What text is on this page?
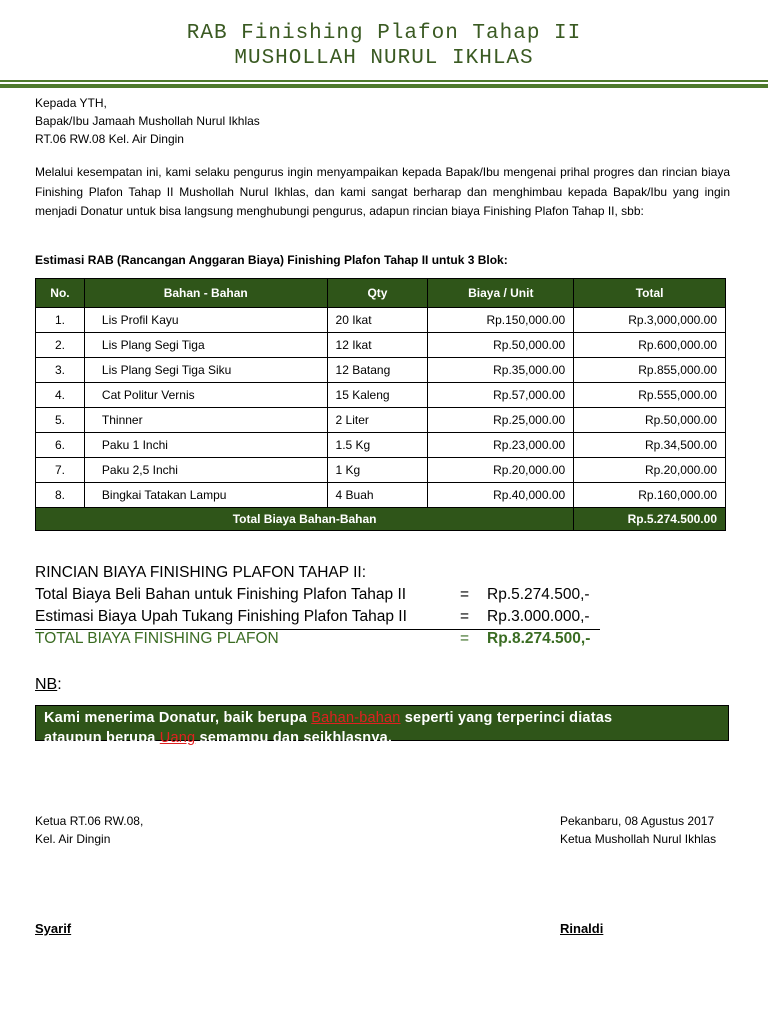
RAB Finishing Plafon Tahap II
MUSHOLLAH NURUL IKHLAS
Kepada YTH,
Bapak/Ibu Jamaah Mushollah Nurul Ikhlas
RT.06 RW.08 Kel. Air Dingin
Melalui kesempatan ini, kami selaku pengurus ingin menyampaikan kepada Bapak/Ibu mengenai prihal progres dan rincian biaya Finishing Plafon Tahap II Mushollah Nurul Ikhlas, dan kami sangat berharap dan menghimbau kepada Bapak/Ibu yang ingin menjadi Donatur untuk bisa langsung menghubungi pengurus, adapun rincian biaya Finishing Plafon Tahap II, sbb:
Estimasi RAB (Rancangan Anggaran Biaya) Finishing Plafon Tahap II untuk 3 Blok:
No.	Bahan - Bahan	Qty	Biaya / Unit	Total
1.	Lis Profil Kayu	20 Ikat	Rp.150,000.00	Rp.3,000,000.00
2.	Lis Plang Segi Tiga	12 Ikat	Rp.50,000.00	Rp.600,000.00
3.	Lis Plang Segi Tiga Siku	12 Batang	Rp.35,000.00	Rp.855,000.00
4.	Cat Politur Vernis	15 Kaleng	Rp.57,000.00	Rp.555,000.00
5.	Thinner	2 Liter	Rp.25,000.00	Rp.50,000.00
6.	Paku 1 Inchi	1.5 Kg	Rp.23,000.00	Rp.34,500.00
7.	Paku 2,5 Inchi	1 Kg	Rp.20,000.00	Rp.20,000.00
8.	Bingkai Tatakan Lampu	4 Buah	Rp.40,000.00	Rp.160,000.00
Total Biaya Bahan-Bahan				Rp.5.274.500.00
RINCIAN BIAYA FINISHING PLAFON TAHAP II:
Total Biaya Beli Bahan untuk Finishing Plafon Tahap II	= Rp.5.274.500,-
Estimasi Biaya Upah Tukang Finishing Plafon Tahap II	= Rp.3.000.000,-
TOTAL BIAYA FINISHING PLAFON	= Rp.8.274.500,-
NB:
Kami menerima Donatur, baik berupa Bahan-bahan seperti yang terperinci diatas
ataupun berupa Uang semampu dan seikhlasnya.
Ketua RT.06 RW.08,
Kel. Air Dingin
Pekanbaru, 08 Agustus 2017
Ketua Mushollah Nurul Ikhlas
Syarif	Rinaldi
